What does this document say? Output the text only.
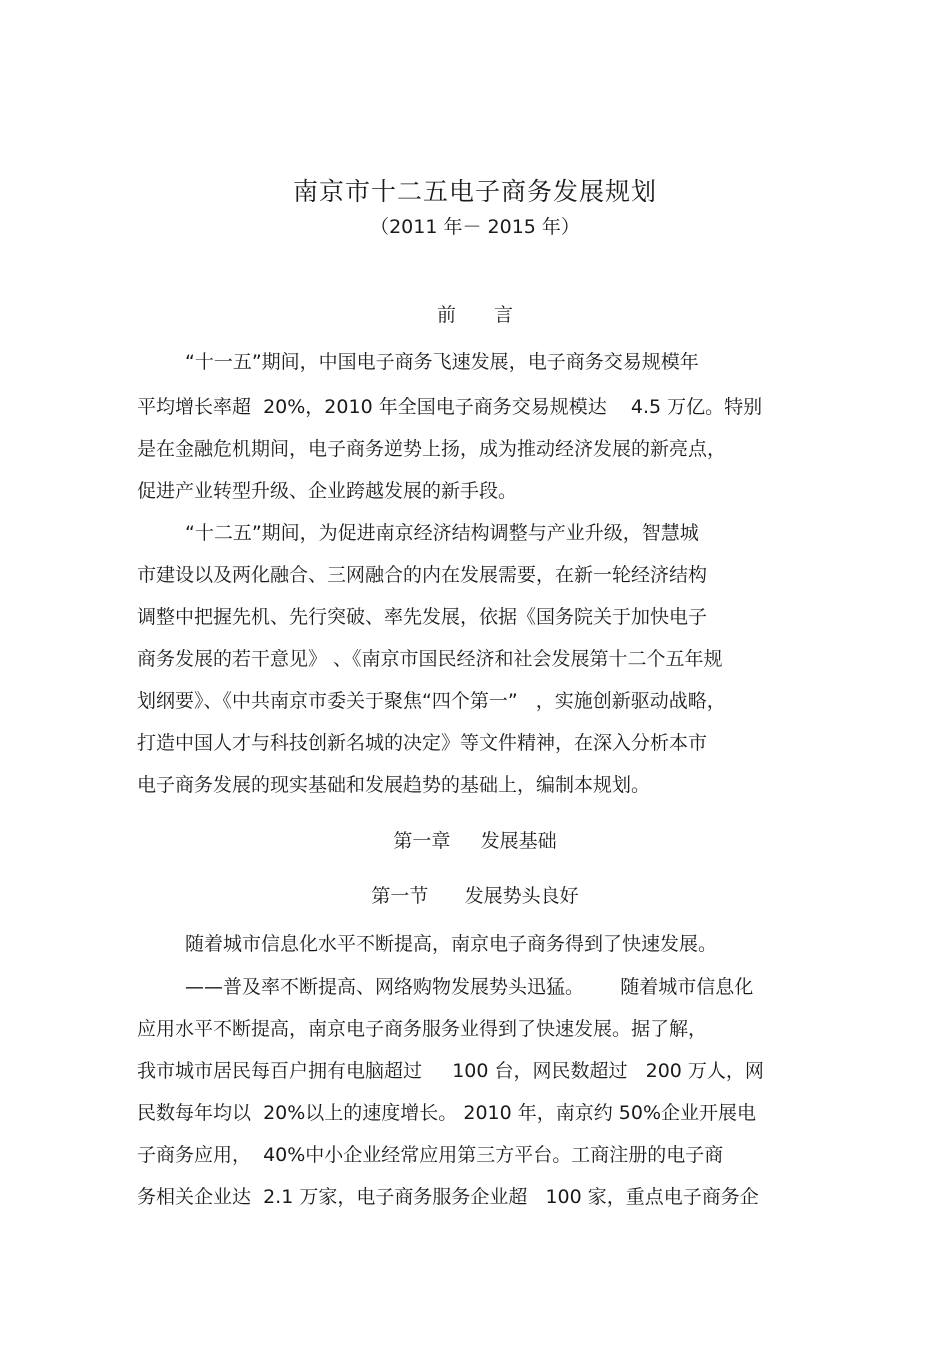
南京市十二五电子商务发展规划
（2011 年－ 2015 年）
前　　言
“十一五”期间，中国电子商务飞速发展，电子商务交易规模年
平均增长率超  20%，2010 年全国电子商务交易规模达    4.5 万亿。特别
是在金融危机期间，电子商务逆势上扬，成为推动经济发展的新亮点，
促进产业转型升级、企业跨越发展的新手段。
“十二五”期间，为促进南京经济结构调整与产业升级，智慧城
市建设以及两化融合、三网融合的内在发展需要，在新一轮经济结构
调整中把握先机、先行突破、率先发展，依据《国务院关于加快电子
商务发展的若干意见》 、《南京市国民经济和社会发展第十二个五年规
划纲要》、《中共南京市委关于聚焦“四个第一”   ，实施创新驱动战略，
打造中国人才与科技创新名城的决定》等文件精神，在深入分析本市
电子商务发展的现实基础和发展趋势的基础上，编制本规划。
第一章     发展基础
第一节      发展势头良好
随着城市信息化水平不断提高，南京电子商务得到了快速发展。
——普及率不断提高、网络购物发展势头迅猛。      随着城市信息化
应用水平不断提高，南京电子商务服务业得到了快速发展。据了解，
我市城市居民每百户拥有电脑超过     100 台，网民数超过   200 万人，网
民数每年均以  20%以上的速度增长。 2010 年，南京约 50%企业开展电
子商务应用，  40%中小企业经常应用第三方平台。工商注册的电子商
务相关企业达  2.1 万家，电子商务服务企业超   100 家，重点电子商务企
